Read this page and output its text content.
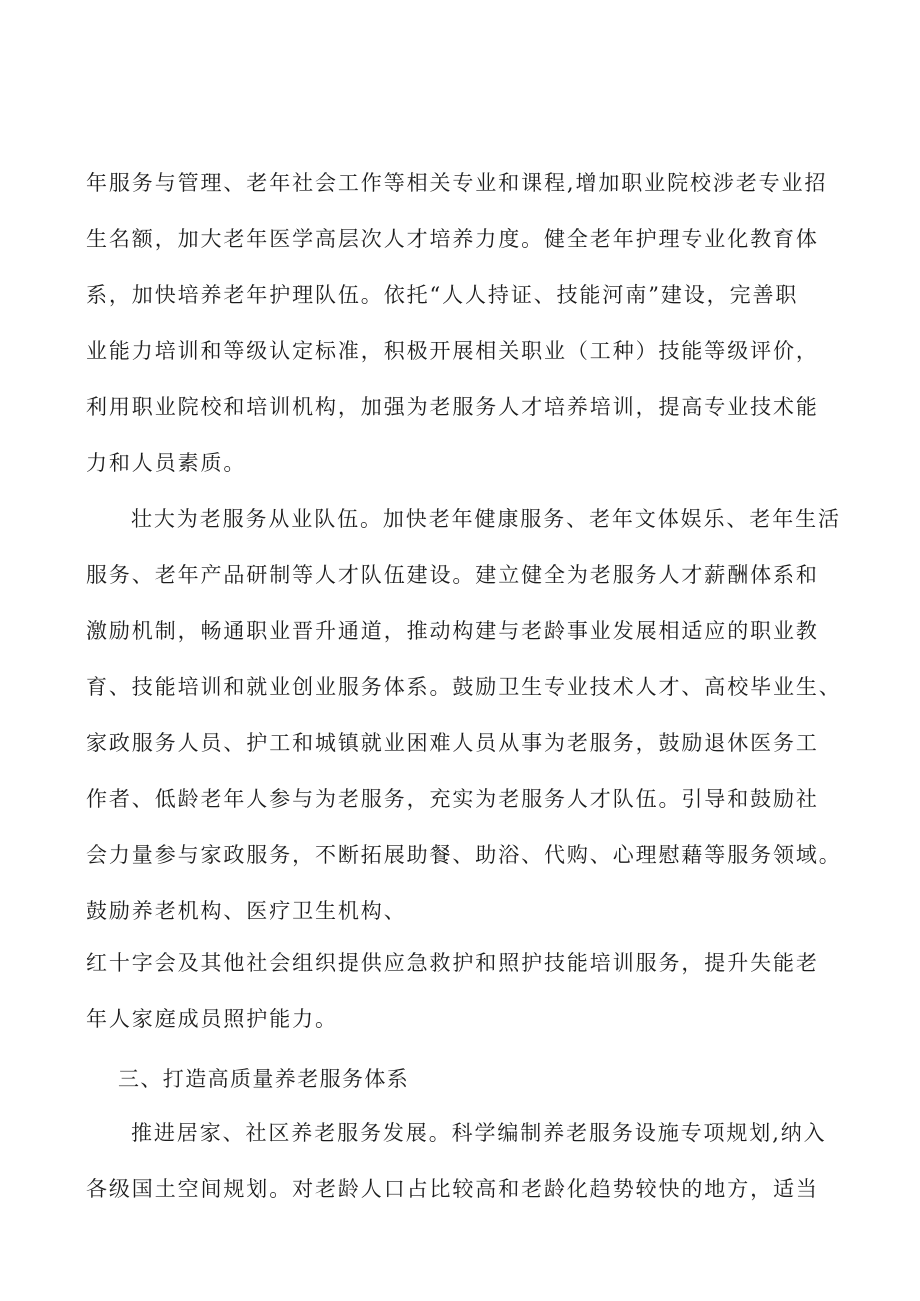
年服务与管理、老年社会工作等相关专业和课程,增加职业院校涉老专业招
生名额，加大老年医学高层次人才培养力度。健全老年护理专业化教育体
系，加快培养老年护理队伍。依托“人人持证、技能河南”建设，完善职
业能力培训和等级认定标准，积极开展相关职业（工种）技能等级评价，
利用职业院校和培训机构，加强为老服务人才培养培训，提高专业技术能
力和人员素质。
壮大为老服务从业队伍。加快老年健康服务、老年文体娱乐、老年生活
服务、老年产品研制等人才队伍建设。建立健全为老服务人才薪酬体系和
激励机制，畅通职业晋升通道，推动构建与老龄事业发展相适应的职业教
育、技能培训和就业创业服务体系。鼓励卫生专业技术人才、高校毕业生、
家政服务人员、护工和城镇就业困难人员从事为老服务，鼓励退休医务工
作者、低龄老年人参与为老服务，充实为老服务人才队伍。引导和鼓励社
会力量参与家政服务，不断拓展助餐、助浴、代购、心理慰藉等服务领域。
鼓励养老机构、医疗卫生机构、
红十字会及其他社会组织提供应急救护和照护技能培训服务，提升失能老
年人家庭成员照护能力。
三、打造高质量养老服务体系
推进居家、社区养老服务发展。科学编制养老服务设施专项规划,纳入
各级国土空间规划。对老龄人口占比较高和老龄化趋势较快的地方，适当
